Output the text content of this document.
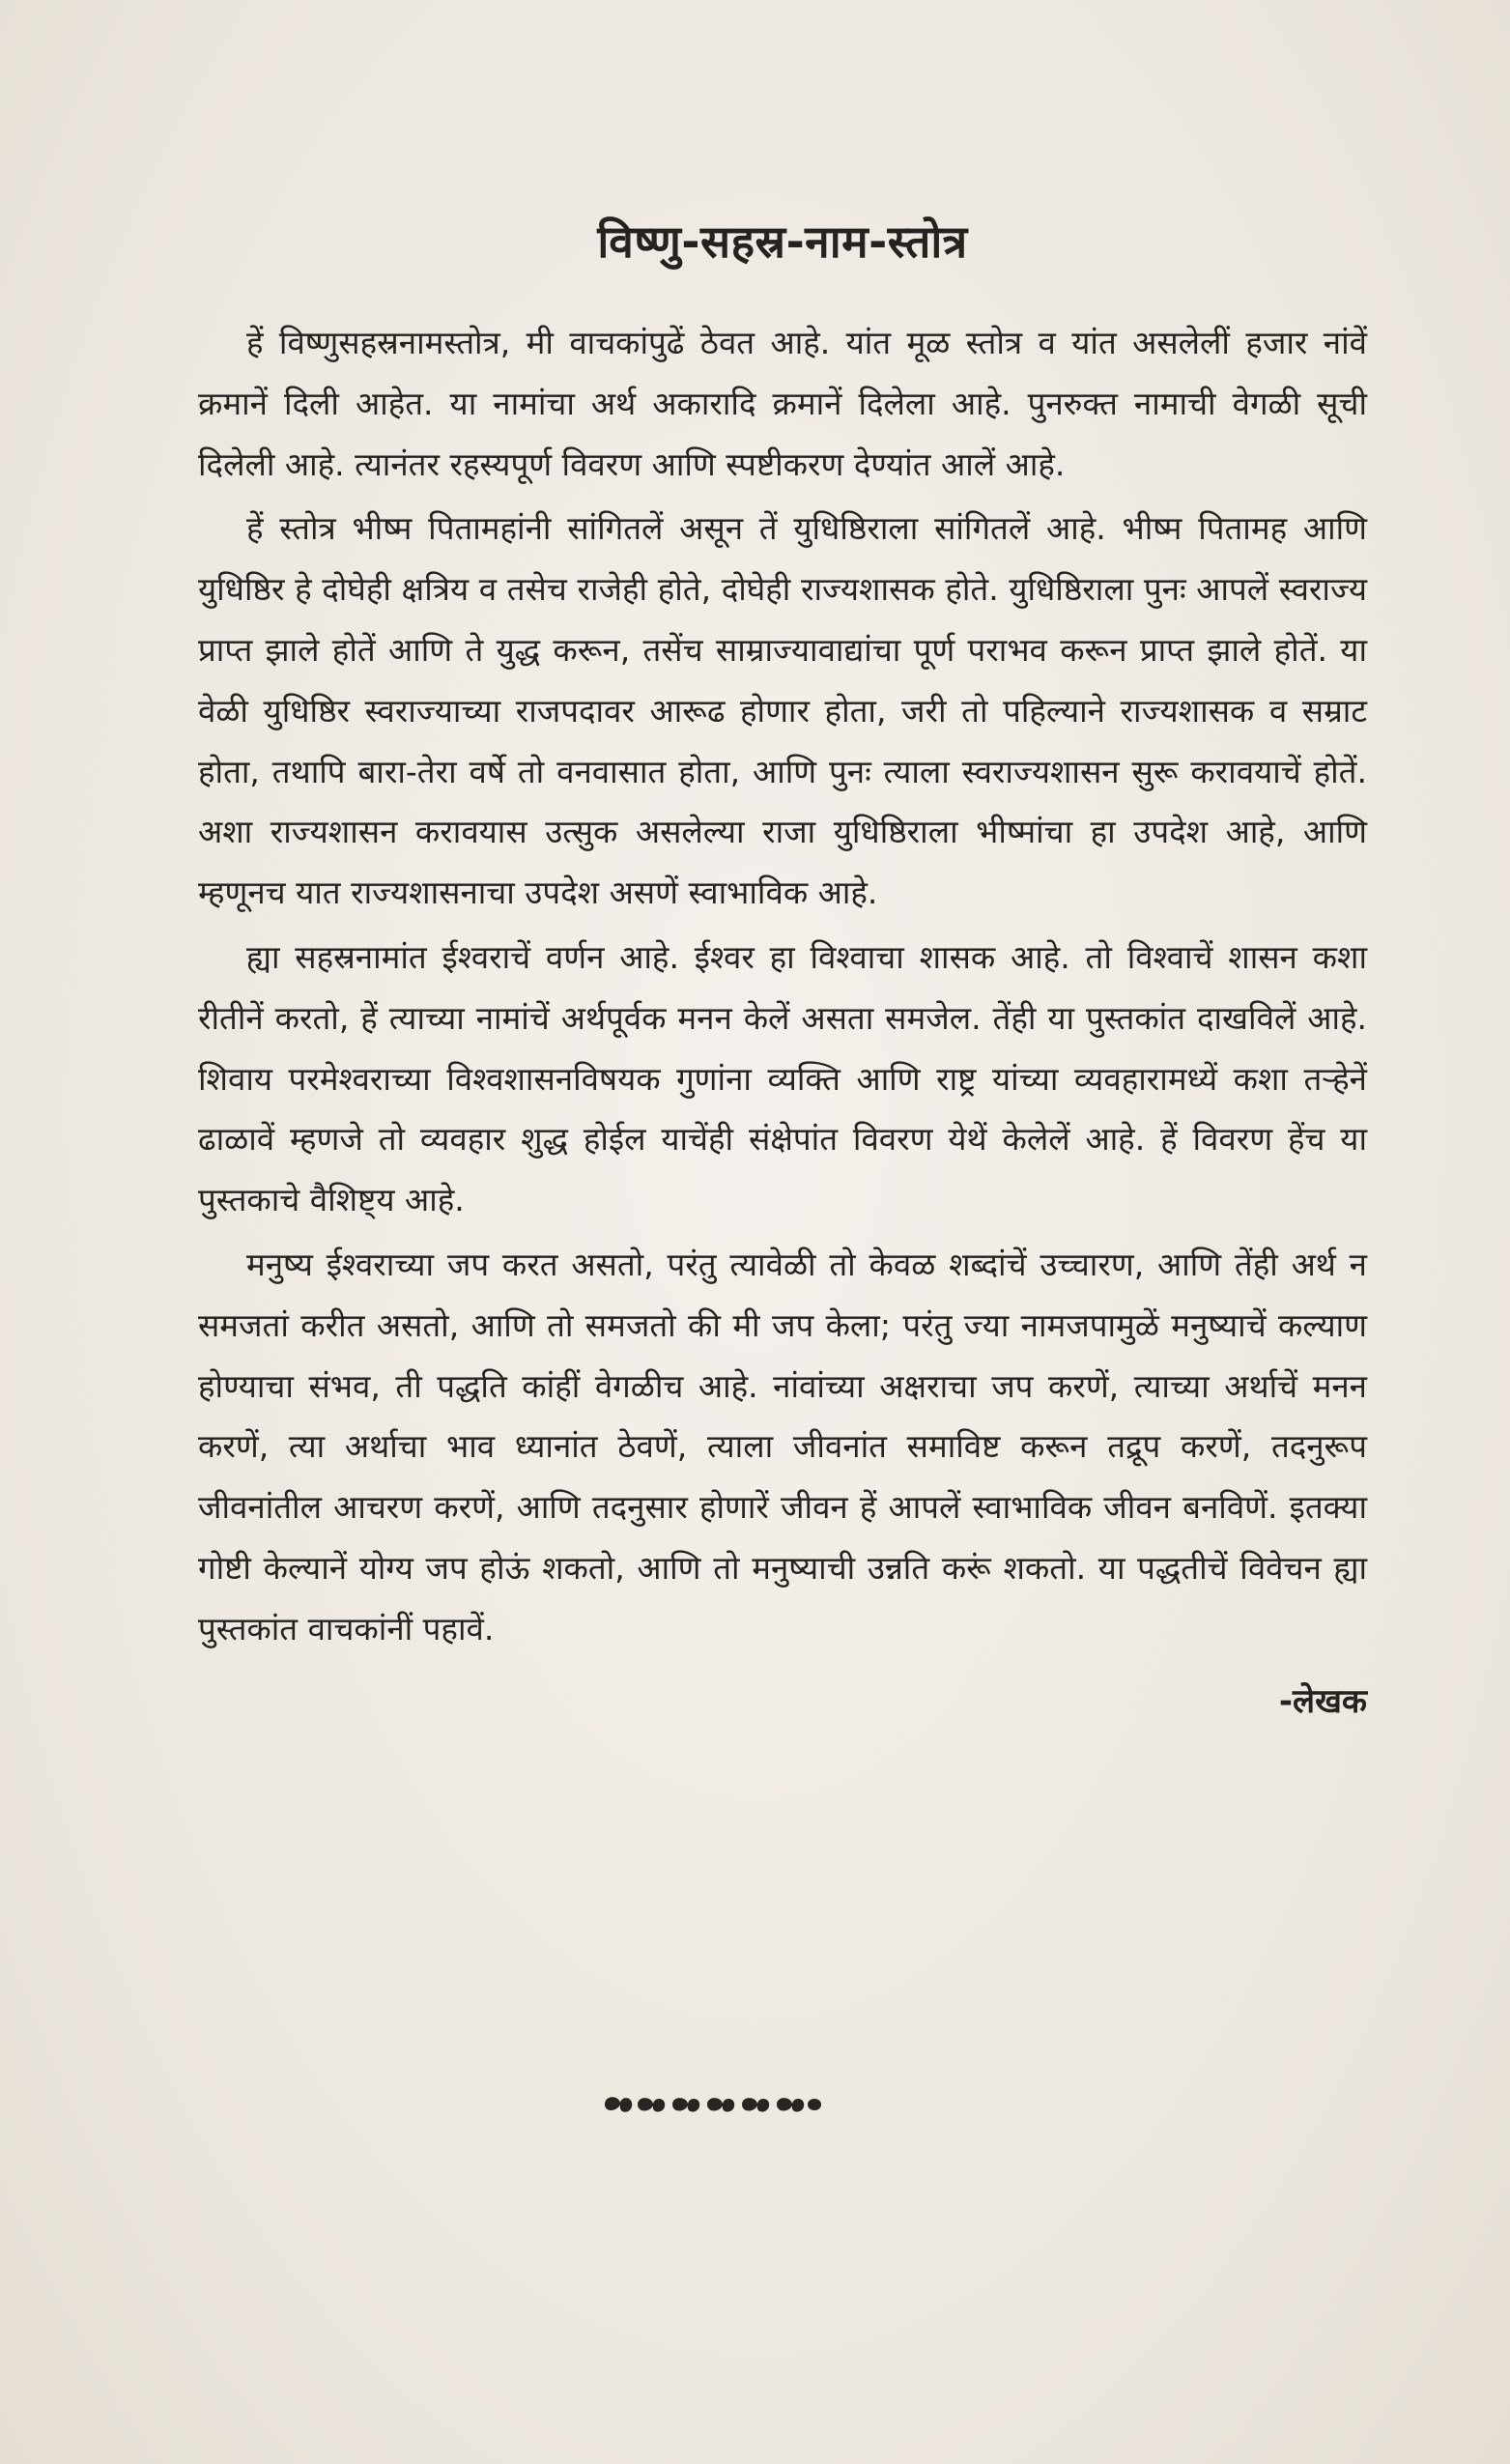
विष्णु-सहस्र-नाम-स्तोत्र

हें विष्णुसहस्रनामस्तोत्र, मी वाचकांपुढें ठेवत आहे. यांत मूळ स्तोत्र व यांत असलेलीं हजार नांवें क्रमानें दिली आहेत. या नामांचा अर्थ अकारादि क्रमानें दिलेला आहे. पुनरुक्त नामाची वेगळी सूची दिलेली आहे. त्यानंतर रहस्यपूर्ण विवरण आणि स्पष्टीकरण देण्यांत आलें आहे.

हें स्तोत्र भीष्म पितामहांनी सांगितलें असून तें युधिष्ठिराला सांगितलें आहे. भीष्म पितामह आणि युधिष्ठिर हे दोघेही क्षत्रिय व तसेच राजेही होते, दोघेही राज्यशासक होते. युधिष्ठिराला पुनः आपलें स्वराज्य प्राप्त झाले होतें आणि ते युद्ध करून, तसेंच साम्राज्यावाद्यांचा पूर्ण पराभव करून प्राप्त झाले होतें. या वेळी युधिष्ठिर स्वराज्याच्या राजपदावर आरूढ होणार होता, जरी तो पहिल्याने राज्यशासक व सम्राट होता, तथापि बारा-तेरा वर्षे तो वनवासात होता, आणि पुनः त्याला स्वराज्यशासन सुरू करावयाचें होतें. अशा राज्यशासन करावयास उत्सुक असलेल्या राजा युधिष्ठिराला भीष्मांचा हा उपदेश आहे, आणि म्हणूनच यात राज्यशासनाचा उपदेश असणें स्वाभाविक आहे.

ह्या सहस्रनामांत ईश्वराचें वर्णन आहे. ईश्वर हा विश्वाचा शासक आहे. तो विश्वाचें शासन कशा रीतीनें करतो, हें त्याच्या नामांचें अर्थपूर्वक मनन केलें असता समजेल. तेंही या पुस्तकांत दाखविलें आहे. शिवाय परमेश्वराच्या विश्वशासनविषयक गुणांना व्यक्ति आणि राष्ट्र यांच्या व्यवहारामध्यें कशा तऱ्हेनें ढाळावें म्हणजे तो व्यवहार शुद्ध होईल याचेंही संक्षेपांत विवरण येथें केलेलें आहे. हें विवरण हेंच या पुस्तकाचे वैशिष्ट्य आहे.

मनुष्य ईश्वराच्या जप करत असतो, परंतु त्यावेळी तो केवळ शब्दांचें उच्चारण, आणि तेंही अर्थ न समजतां करीत असतो, आणि तो समजतो की मी जप केला; परंतु ज्या नामजपामुळें मनुष्याचें कल्याण होण्याचा संभव, ती पद्धति कांहीं वेगळीच आहे. नांवांच्या अक्षराचा जप करणें, त्याच्या अर्थाचें मनन करणें, त्या अर्थाचा भाव ध्यानांत ठेवणें, त्याला जीवनांत समाविष्ट करून तद्रूप करणें, तदनुरूप जीवनांतील आचरण करणें, आणि तदनुसार होणारें जीवन हें आपलें स्वाभाविक जीवन बनविणें. इतक्या गोष्टी केल्यानें योग्य जप होऊं शकतो, आणि तो मनुष्याची उन्नति करूं शकतो. या पद्धतीचें विवेचन ह्या पुस्तकांत वाचकांनीं पहावें.

-लेखक
